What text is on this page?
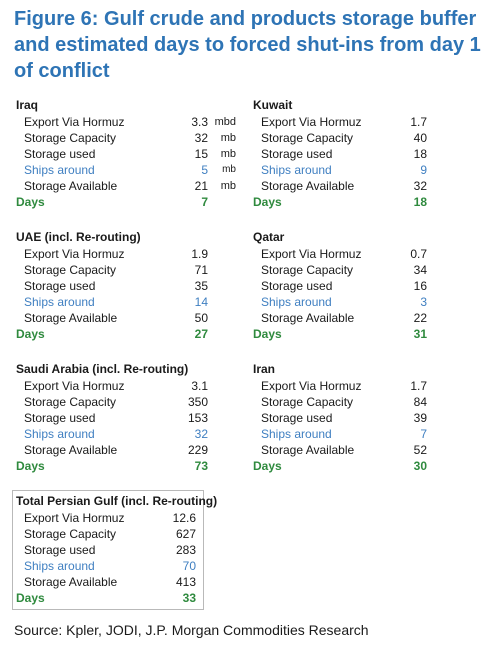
Figure 6: Gulf crude and products storage buffer and estimated days to forced shut-ins from day 1 of conflict
Iraq
Export Via Hormuz	3.3 mbd
Storage Capacity	32	mb
Storage used	15	mb
Ships around	5	mb
Storage Available	21	mb
Days	7
Kuwait
Export Via Hormuz	1.7
Storage Capacity	40
Storage used	18
Ships around	9
Storage Available	32
Days	18
UAE (incl. Re-routing)
Export Via Hormuz	1.9
Storage Capacity	71
Storage used	35
Ships around	14
Storage Available	50
Days	27
Qatar
Export Via Hormuz	0.7
Storage Capacity	34
Storage used	16
Ships around	3
Storage Available	22
Days	31
Saudi Arabia (incl. Re-routing)
Export Via Hormuz	3.1
Storage Capacity	350
Storage used	153
Ships around	32
Storage Available	229
Days	73
Iran
Export Via Hormuz	1.7
Storage Capacity	84
Storage used	39
Ships around	7
Storage Available	52
Days	30
Total Persian Gulf (incl. Re-routing)
Export Via Hormuz	12.6
Storage Capacity	627
Storage used	283
Ships around	70
Storage Available	413
Days	33
Source: Kpler, JODI, J.P. Morgan Commodities Research
